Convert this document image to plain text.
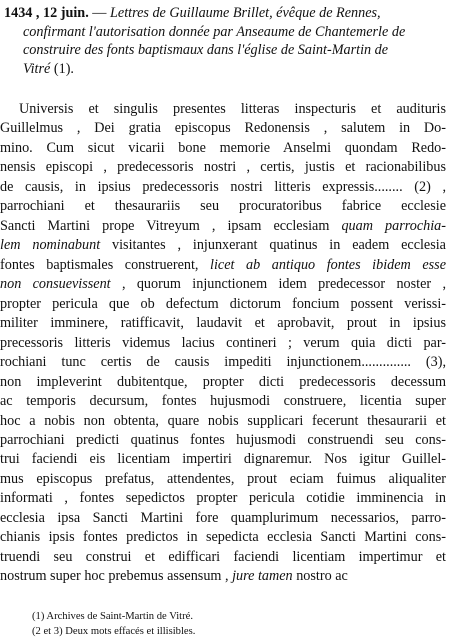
1434 , 12 juin. — Lettres de Guillaume Brillet, évêque de Rennes,
confirmant l'autorisation donnée par Anseaume de Chantemerle de
construire des fonts baptismaux dans l'église de Saint-Martin de
Vitré (1).
Universis et singulis presentes litteras inspecturis et audituris
Guillelmus , Dei gratia episcopus Redonensis , salutem in Do-
mino. Cum sicut vicarii bone memorie Anselmi quondam Redo-
nensis episcopi , predecessoris nostri , certis, justis et racionabilibus
de causis, in ipsius predecessoris nostri litteris expressis........ (2) ,
parrochiani et thesaurariis seu procuratoribus fabrice ecclesie
Sancti Martini prope Vitreyum , ipsam ecclesiam quam parrochia-
lem nominabunt visitantes , injunxerant quatinus in eadem ecclesia
fontes baptismales construerent, licet ab antiquo fontes ibidem esse
non consuevissent , quorum injunctionem idem predecessor noster ,
propter pericula que ob defectum dictorum foncium possent verissi-
militer imminere, ratifficavit, laudavit et aprobavit, prout in ipsius
precessoris litteris videmus lacius contineri ; verum quia dicti par-
rochiani tunc certis de causis impediti injunctionem.............. (3),
non impleverint dubitentque, propter dicti predecessoris decessum
ac temporis decursum, fontes hujusmodi construere, licentia super
hoc a nobis non obtenta, quare nobis supplicari fecerunt thesaurarii et
parrochiani predicti quatinus fontes hujusmodi construendi seu cons-
trui faciendi eis licentiam impertiri dignaremur. Nos igitur Guillel-
mus episcopus prefatus, attendentes, prout eciam fuimus aliqualiter
informati , fontes sepedictos propter pericula cotidie imminencia in
ecclesia ipsa Sancti Martini fore quamplurimum necessarios, parro-
chianis ipsis fontes predictos in sepedicta ecclesia Sancti Martini cons-
truendi seu construi et edifficari faciendi licentiam impertimur et
nostrum super hoc prebemus assensum , jure tamen nostro ac
(1) Archives de Saint-Martin de Vitré.
(2 et 3) Deux mots effacés et illisibles.
